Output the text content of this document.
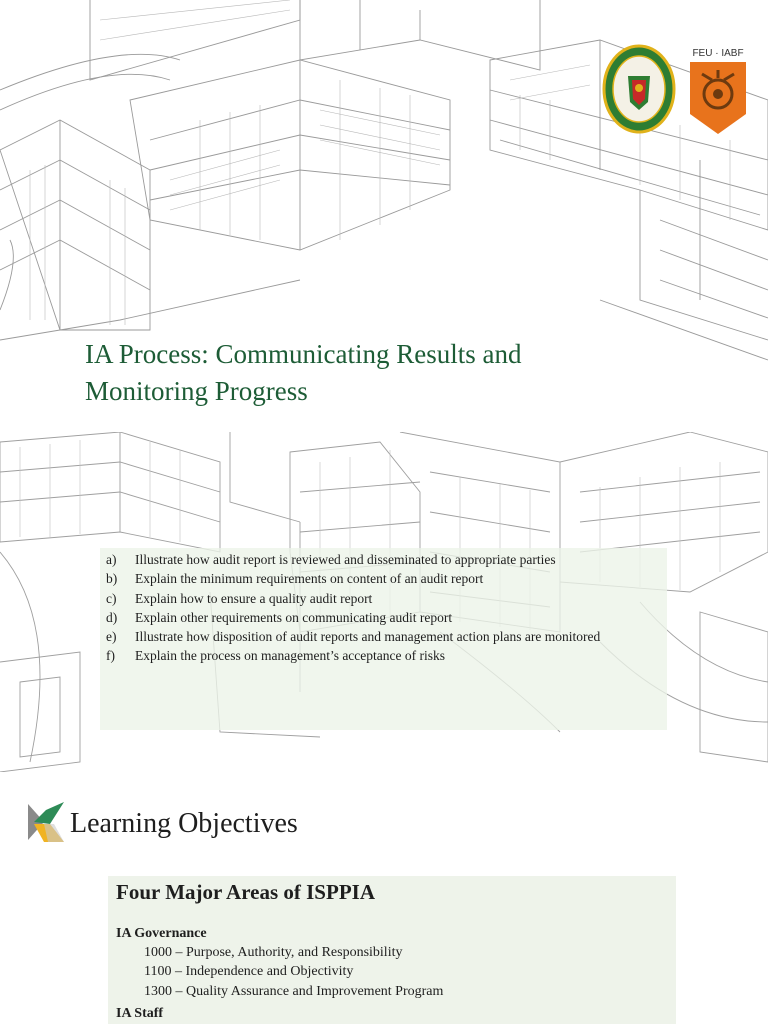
FEU · IABF
IA Process: Communicating Results and
Monitoring Progress
a)	Illustrate how audit report is reviewed and disseminated to appropriate parties
b)	Explain the minimum requirements on content of an audit report
c)	Explain how to ensure a quality audit report
d)	Explain other requirements on communicating audit report
e)	Illustrate how disposition of audit reports and management action plans are monitored
f)	Explain the process on management’s acceptance of risks
Learning Objectives
Four Major Areas of ISPPIA
IA Governance
1000 – Purpose, Authority, and Responsibility
1100 – Independence and Objectivity
1300 – Quality Assurance and Improvement Program
IA Staff
